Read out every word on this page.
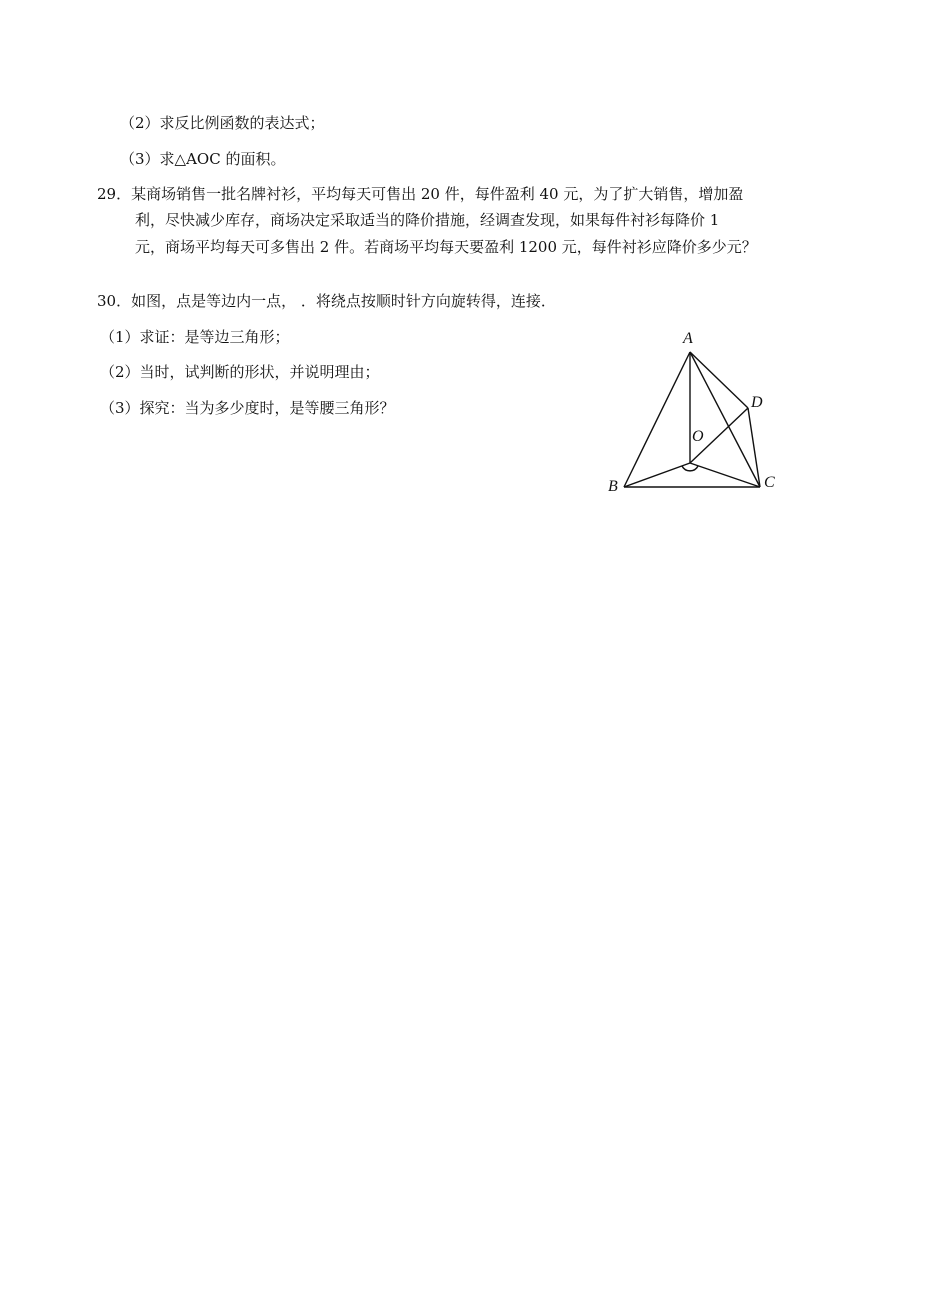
（2）求反比例函数的表达式；
（3）求△AOC 的面积。
29．某商场销售一批名牌衬衫，平均每天可售出 20 件，每件盈利 40 元，为了扩大销售，增加盈
利，尽快减少库存，商场决定采取适当的降价措施，经调查发现，如果每件衬衫每降价 1
元，商场平均每天可多售出 2 件。若商场平均每天要盈利 1200 元，每件衬衫应降价多少元？
30．如图，点是等边内一点， ．将绕点按顺时针方向旋转得，连接．
（1）求证：是等边三角形；
（2）当时，试判断的形状，并说明理由；
（3）探究：当为多少度时，是等腰三角形？
A
B	C
D
O
